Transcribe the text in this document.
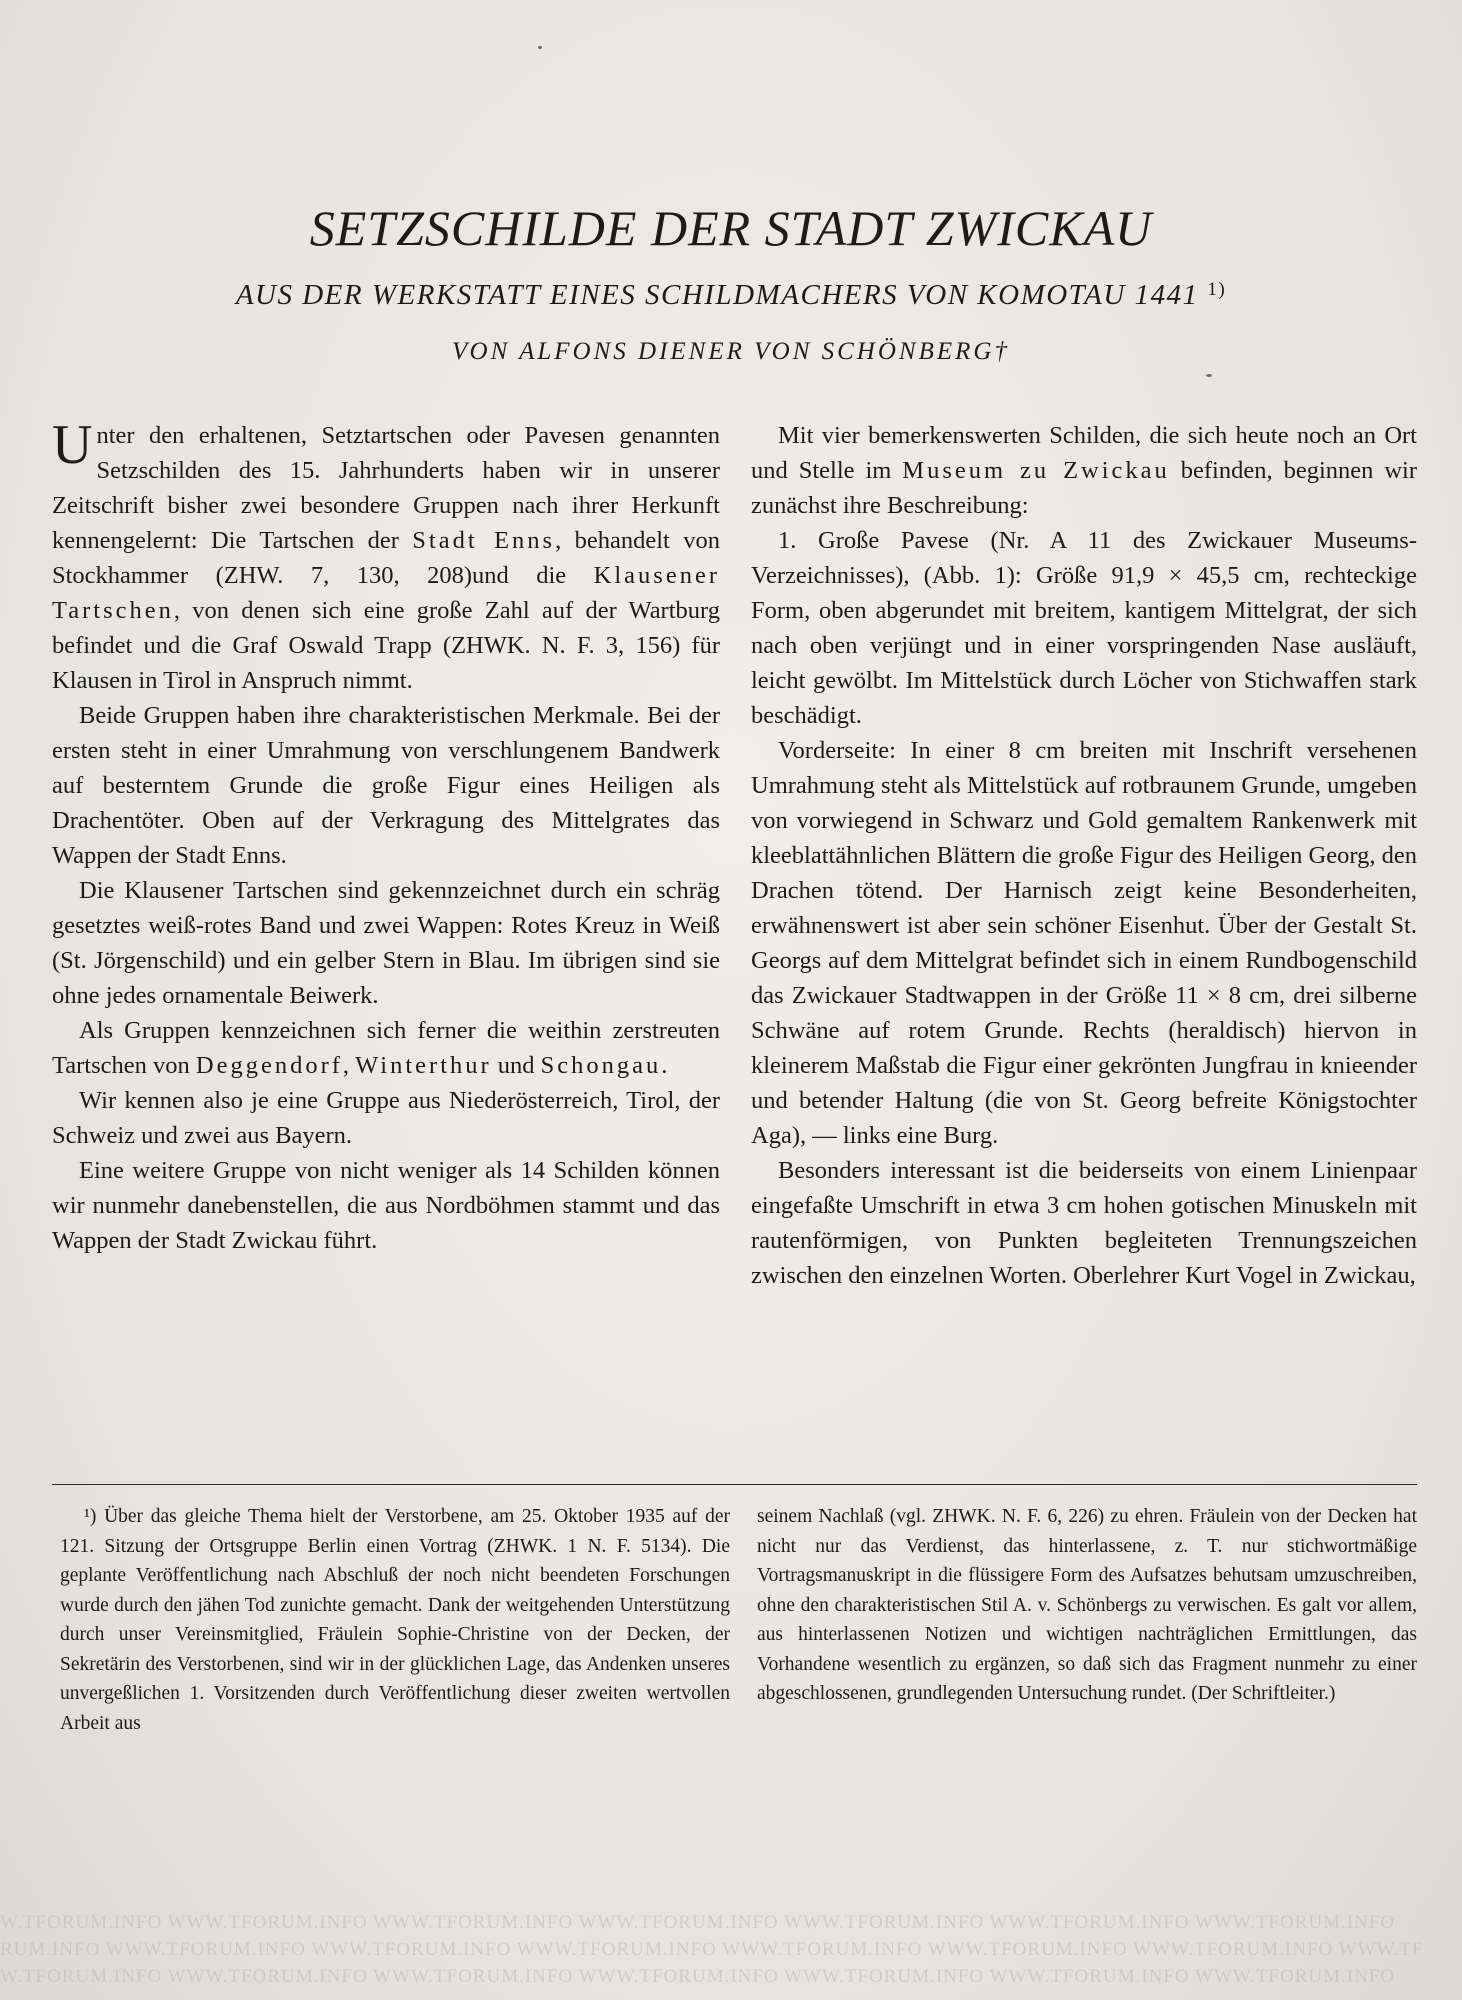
SETZSCHILDE DER STADT ZWICKAU
AUS DER WERKSTATT EINES SCHILDMACHERS VON KOMOTAU 1441 $^{1)}$
VON ALFONS DIENER VON SCHÖNBERG†

Unter den erhaltenen, Setztartschen oder Pavesen genannten Setzschilden des 15. Jahrhunderts haben wir in unserer Zeitschrift bisher zwei besondere Gruppen nach ihrer Herkunft kennengelernt: Die Tartschen der Stadt Enns, behandelt von Stockhammer (ZHW. 7, 130, 208)und die Klausener Tartschen, von denen sich eine große Zahl auf der Wartburg befindet und die Graf Oswald Trapp (ZHWK. N. F. 3, 156) für Klausen in Tirol in Anspruch nimmt.

Beide Gruppen haben ihre charakteristischen Merkmale. Bei der ersten steht in einer Umrahmung von verschlungenem Bandwerk auf besterntem Grunde die große Figur eines Heiligen als Drachentöter. Oben auf der Verkragung des Mittelgrates das Wappen der Stadt Enns.

Die Klausener Tartschen sind gekennzeichnet durch ein schräg gesetztes weiß-rotes Band und zwei Wappen: Rotes Kreuz in Weiß (St. Jörgenschild) und ein gelber Stern in Blau. Im übrigen sind sie ohne jedes ornamentale Beiwerk.

Als Gruppen kennzeichnen sich ferner die weithin zerstreuten Tartschen von Deggendorf, Winterthur und Schongau.

Wir kennen also je eine Gruppe aus Niederösterreich, Tirol, der Schweiz und zwei aus Bayern.

Eine weitere Gruppe von nicht weniger als 14 Schilden können wir nunmehr danebenstellen, die aus Nordböhmen stammt und das Wappen der Stadt Zwickau führt.

Mit vier bemerkenswerten Schilden, die sich heute noch an Ort und Stelle im Museum zu Zwickau befinden, beginnen wir zunächst ihre Beschreibung:

1. Große Pavese (Nr. A 11 des Zwickauer Museums-Verzeichnisses), (Abb. 1): Größe 91,9 × 45,5 cm, rechteckige Form, oben abgerundet mit breitem, kantigem Mittelgrat, der sich nach oben verjüngt und in einer vorspringenden Nase ausläuft, leicht gewölbt. Im Mittelstück durch Löcher von Stichwaffen stark beschädigt.

Vorderseite: In einer 8 cm breiten mit Inschrift versehenen Umrahmung steht als Mittelstück auf rotbraunem Grunde, umgeben von vorwiegend in Schwarz und Gold gemaltem Rankenwerk mit kleeblattähnlichen Blättern die große Figur des Heiligen Georg, den Drachen tötend. Der Harnisch zeigt keine Besonderheiten, erwähnenswert ist aber sein schöner Eisenhut. Über der Gestalt St. Georgs auf dem Mittelgrat befindet sich in einem Rundbogenschild das Zwickauer Stadtwappen in der Größe 11 × 8 cm, drei silberne Schwäne auf rotem Grunde. Rechts (heraldisch) hiervon in kleinerem Maßstab die Figur einer gekrönten Jungfrau in knieender und betender Haltung (die von St. Georg befreite Königstochter Aga), — links eine Burg.

Besonders interessant ist die beiderseits von einem Linienpaar eingefaßte Umschrift in etwa 3 cm hohen gotischen Minuskeln mit rautenförmigen, von Punkten begleiteten Trennungszeichen zwischen den einzelnen Worten. Oberlehrer Kurt Vogel in Zwickau,

¹) Über das gleiche Thema hielt der Verstorbene, am 25. Oktober 1935 auf der 121. Sitzung der Ortsgruppe Berlin einen Vortrag (ZHWK. 1 N. F. 5134). Die geplante Veröffentlichung nach Abschluß der noch nicht beendeten Forschungen wurde durch den jähen Tod zunichte gemacht. Dank der weitgehenden Unterstützung durch unser Vereinsmitglied, Fräulein Sophie-Christine von der Decken, der Sekretärin des Verstorbenen, sind wir in der glücklichen Lage, das Andenken unseres unvergeßlichen 1. Vorsitzenden durch Veröffentlichung dieser zweiten wertvollen Arbeit aus

seinem Nachlaß (vgl. ZHWK. N. F. 6, 226) zu ehren. Fräulein von der Decken hat nicht nur das Verdienst, das hinterlassene, z. T. nur stichwortmäßige Vortragsmanuskript in die flüssigere Form des Aufsatzes behutsam umzuschreiben, ohne den charakteristischen Stil A. v. Schönbergs zu verwischen. Es galt vor allem, aus hinterlassenen Notizen und wichtigen nachträglichen Ermittlungen, das Vorhandene wesentlich zu ergänzen, so daß sich das Fragment nunmehr zu einer abgeschlossenen, grundlegenden Untersuchung rundet. (Der Schriftleiter.)

W.TFORUM.INFO WWW.TFORUM.INFO WWW.TFORUM.INFO WWW.TFORUM.INFO WWW.TFORUM.INFO WWW.TFORUM.INFO WWW.TFORUM.INFO
RUM.INFO WWW.TFORUM.INFO WWW.TFORUM.INFO WWW.TFORUM.INFO WWW.TFORUM.INFO WWW.TFORUM.INFO WWW.TFORUM.INFO WWW.TF
W.TFORUM.INFO WWW.TFORUM.INFO WWW.TFORUM.INFO WWW.TFORUM.INFO WWW.TFORUM.INFO WWW.TFORUM.INFO WWW.TFORUM.INFO
